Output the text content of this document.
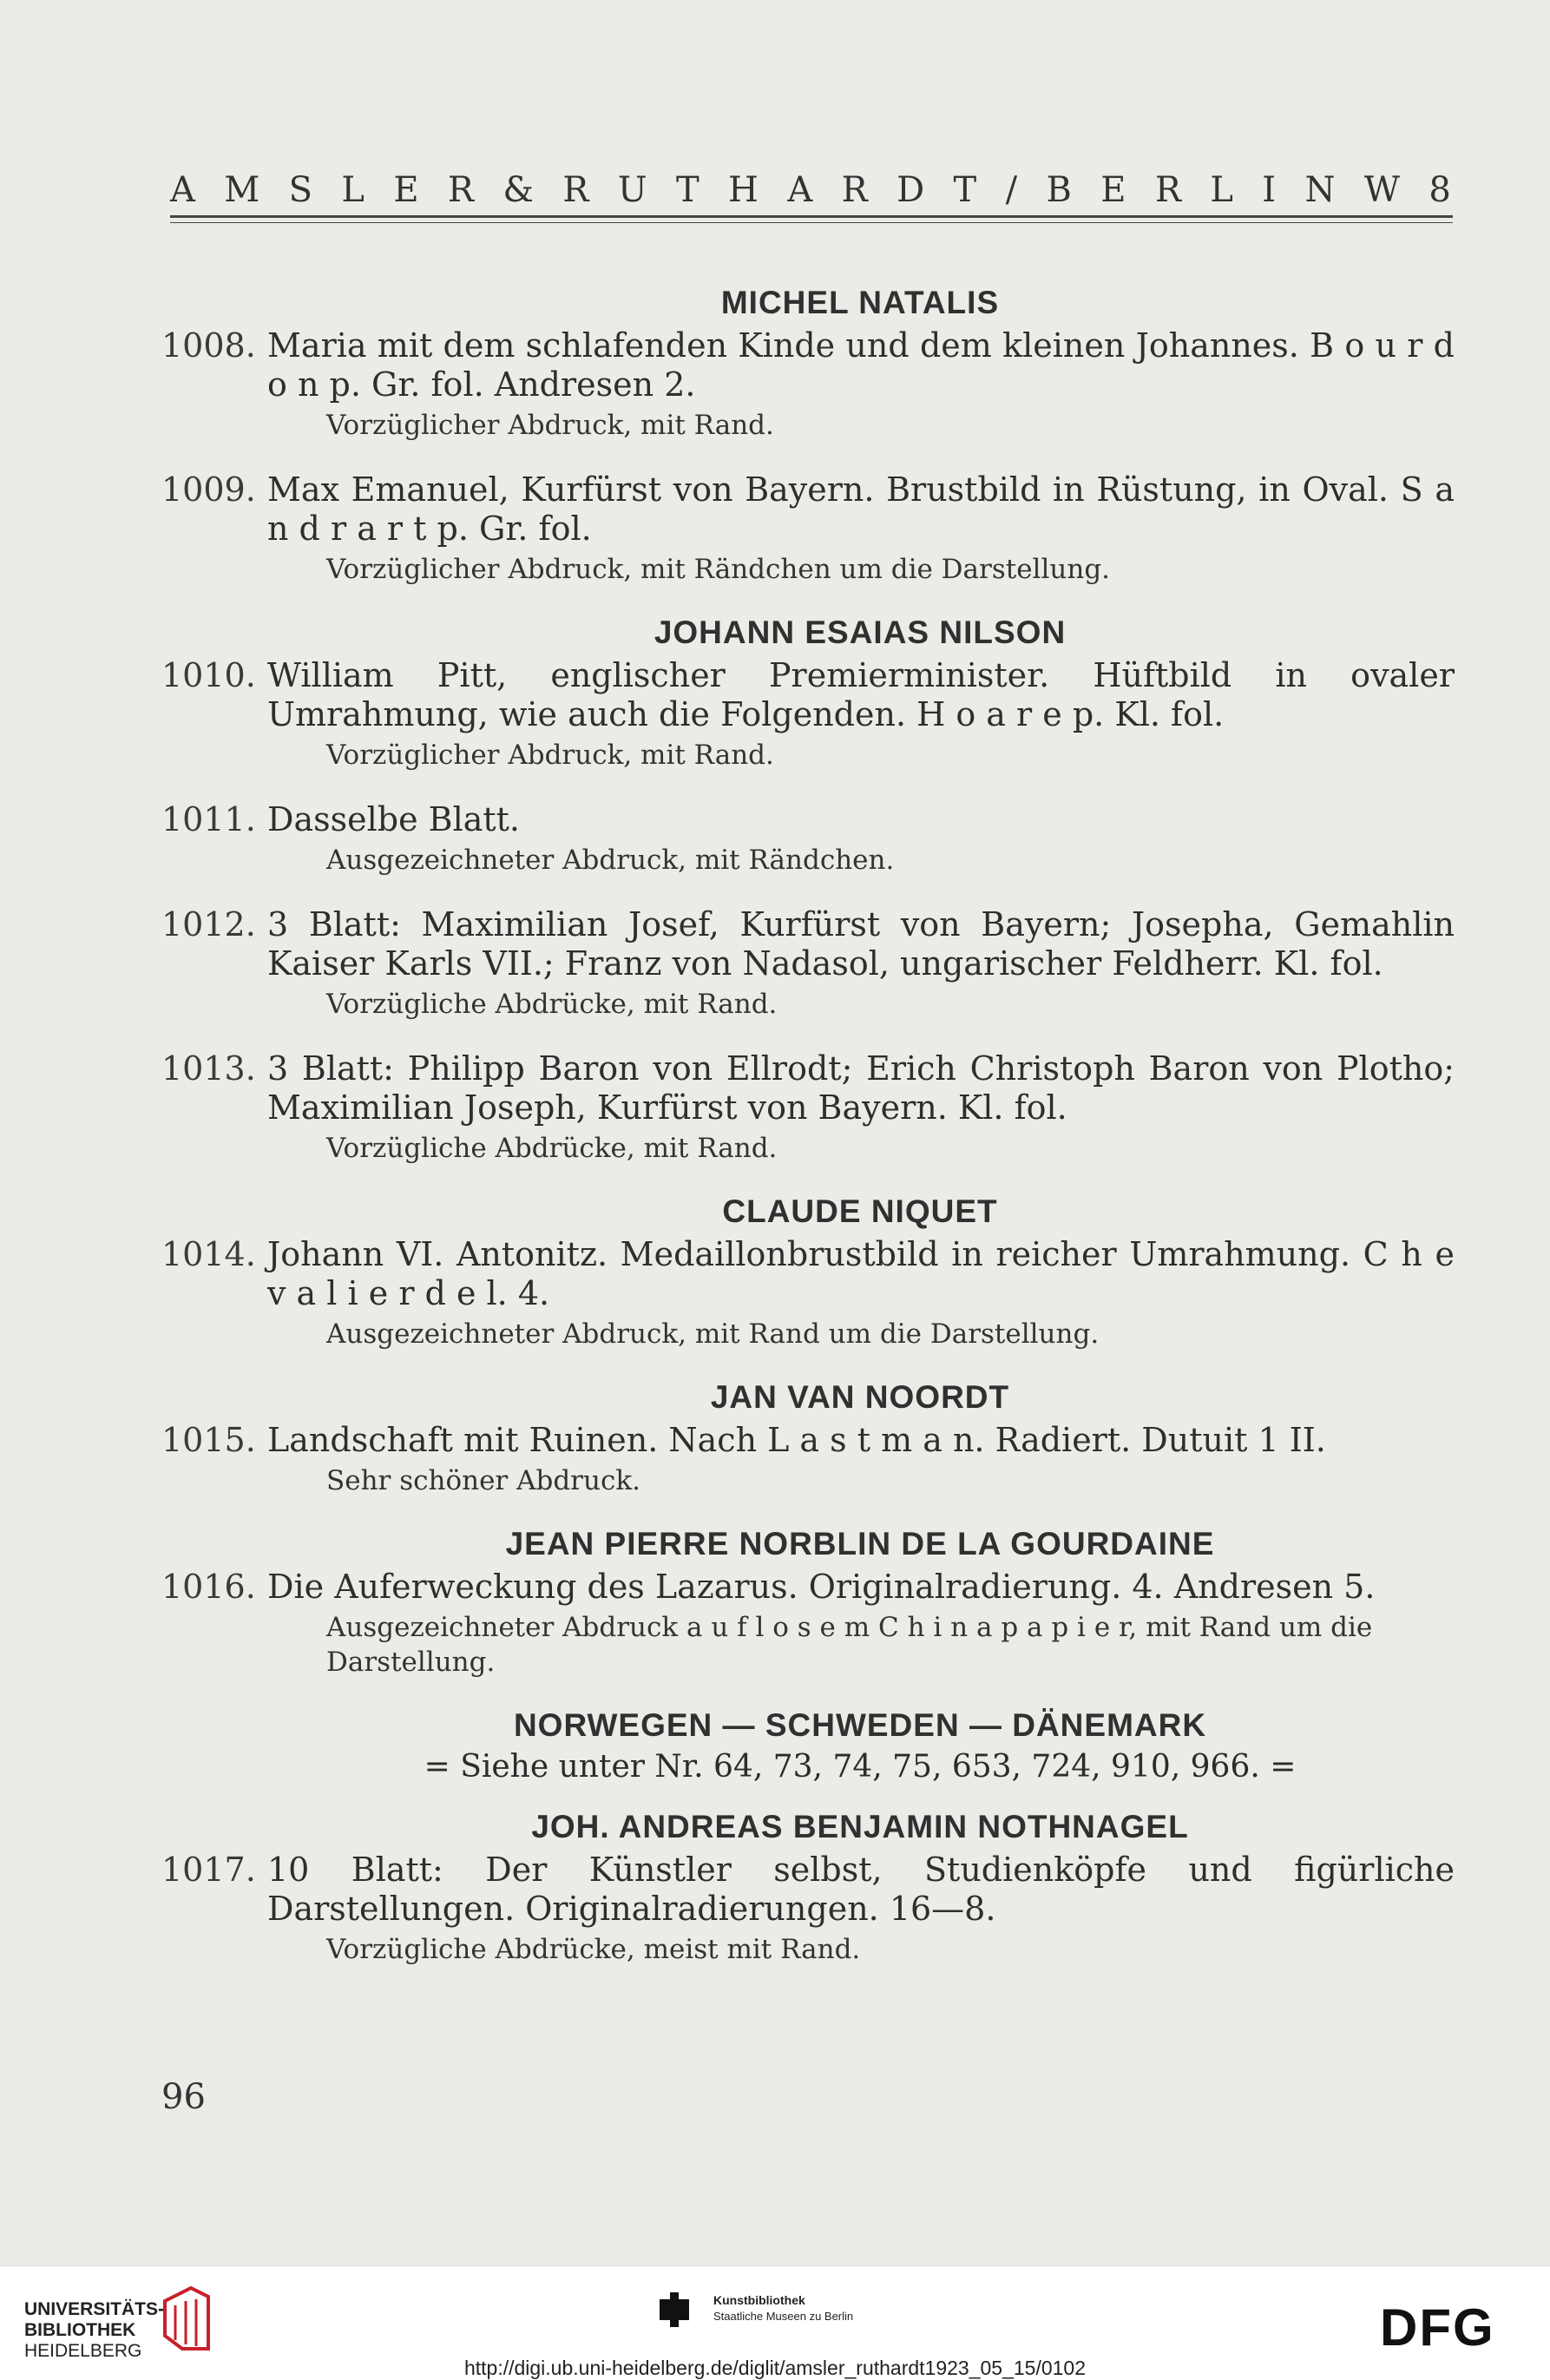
A M S L E R & R U T H A R D T / B E R L I N W 8
MICHEL NATALIS
1008. Maria mit dem schlafenden Kinde und dem kleinen Johannes. B o u r d o n p. Gr. fol. Andresen 2.
Vorzüglicher Abdruck, mit Rand.
1009. Max Emanuel, Kurfürst von Bayern. Brustbild in Rüstung, in Oval. S a n d r a r t p. Gr. fol.
Vorzüglicher Abdruck, mit Rändchen um die Darstellung.
JOHANN ESAIAS NILSON
1010. William Pitt, englischer Premierminister. Hüftbild in ovaler Umrahmung, wie auch die Folgenden. H o a r e p. Kl. fol.
Vorzüglicher Abdruck, mit Rand.
1011. Dasselbe Blatt.
Ausgezeichneter Abdruck, mit Rändchen.
1012. 3 Blatt: Maximilian Josef, Kurfürst von Bayern; Josepha, Gemahlin Kaiser Karls VII.; Franz von Nadasol, ungarischer Feldherr. Kl. fol.
Vorzügliche Abdrücke, mit Rand.
1013. 3 Blatt: Philipp Baron von Ellrodt; Erich Christoph Baron von Plotho; Maximilian Joseph, Kurfürst von Bayern. Kl. fol.
Vorzügliche Abdrücke, mit Rand.
CLAUDE NIQUET
1014. Johann VI. Antonitz. Medaillonbrustbild in reicher Umrahmung. C h e v a l i e r d e l. 4.
Ausgezeichneter Abdruck, mit Rand um die Darstellung.
JAN VAN NOORDT
1015. Landschaft mit Ruinen. Nach L a s t m a n. Radiert. Dutuit 1 II.
Sehr schöner Abdruck.
JEAN PIERRE NORBLIN DE LA GOURDAINE
1016. Die Auferweckung des Lazarus. Originalradierung. 4. Andresen 5.
Ausgezeichneter Abdruck a u f l o s e m C h i n a p a p i e r, mit Rand um die Darstellung.
NORWEGEN — SCHWEDEN — DÄNEMARK
= Siehe unter Nr. 64, 73, 74, 75, 653, 724, 910, 966. =
JOH. ANDREAS BENJAMIN NOTHNAGEL
1017. 10 Blatt: Der Künstler selbst, Studienköpfe und figürliche Darstellungen. Originalradierungen. 16—8.
Vorzügliche Abdrücke, meist mit Rand.
96
UNIVERSITÄTS-
BIBLIOTHEK
HEIDELBERG
Kunstbibliothek
Staatliche Museen zu Berlin	DFG
http://digi.ub.uni-heidelberg.de/diglit/amsler_ruthardt1923_05_15/0102
